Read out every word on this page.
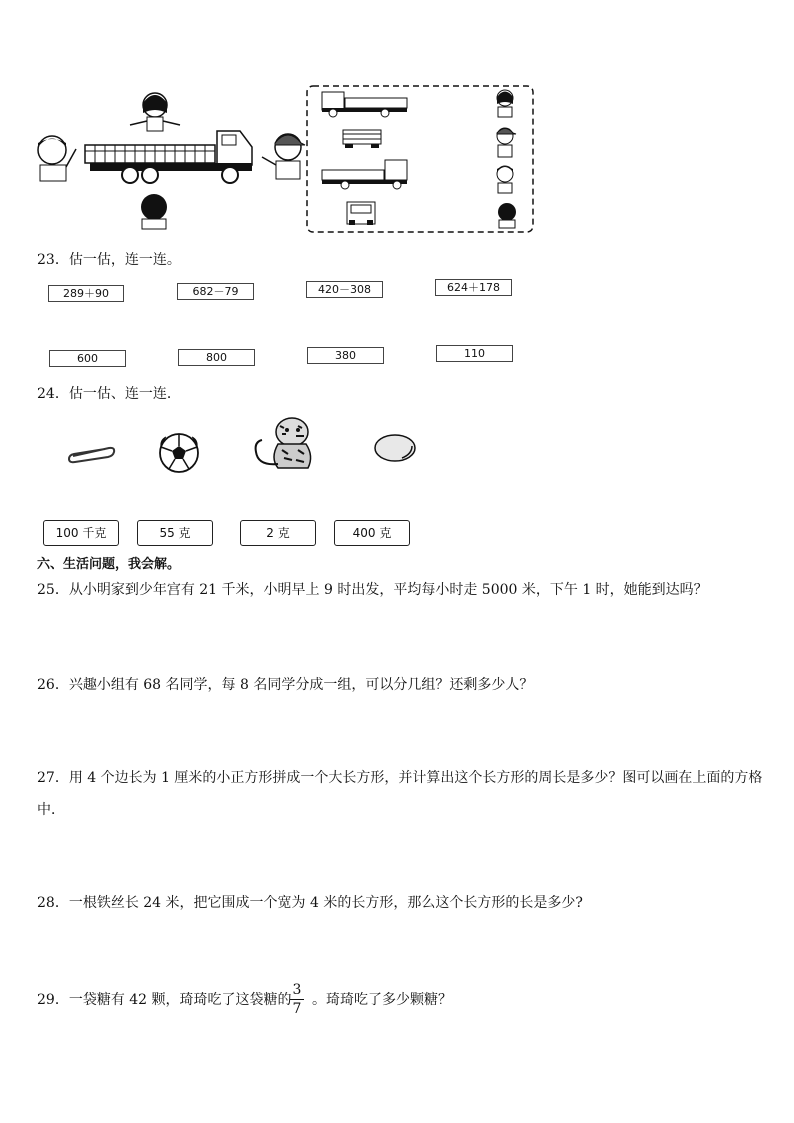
23．估一估，连一连。
289＋90	682－79	420－308	624＋178
600	800	380	110
24．估一估、连一连．
100 千克	55 克	2 克	400 克
六、生活问题，我会解。
25．从小明家到少年宫有 21 千米，小明早上 9 时出发，平均每小时走 5000 米，下午 1 时，她能到达吗？
26．兴趣小组有 68 名同学，每 8 名同学分成一组，可以分几组？还剩多少人？
27．用 4 个边长为 1 厘米的小正方形拼成一个大长方形，并计算出这个长方形的周长是多少？图可以画在上面的方格
中．
28．一根铁丝长 24 米，把它围成一个宽为 4 米的长方形，那么这个长方形的长是多少?
29．一袋糖有 42 颗，琦琦吃了这袋糖的
3
7
。琦琦吃了多少颗糖？
